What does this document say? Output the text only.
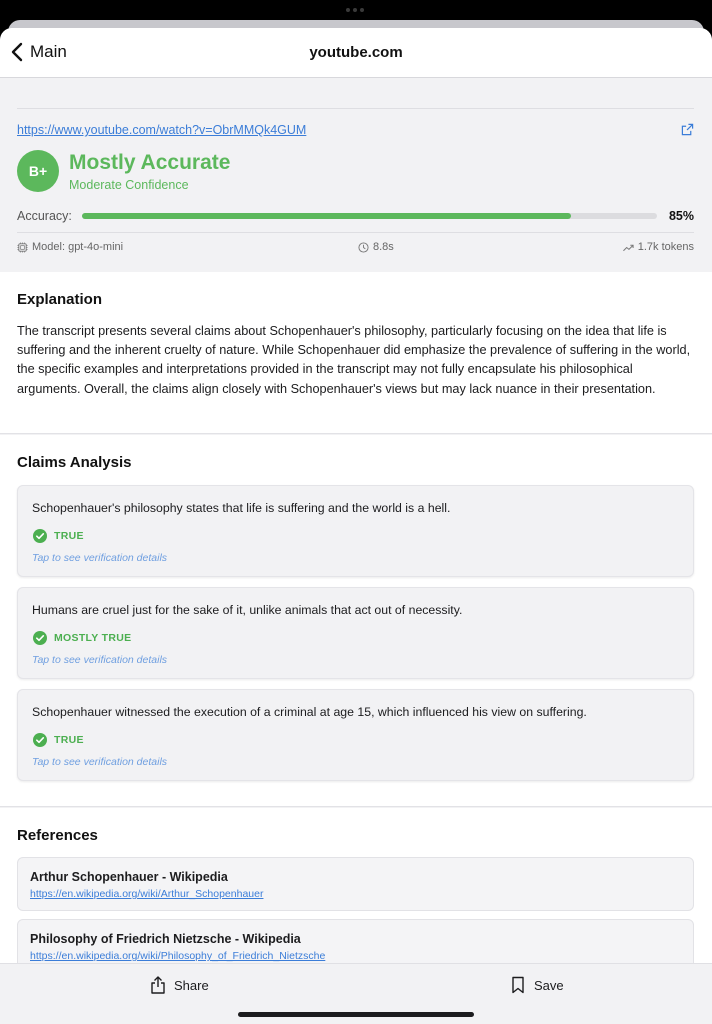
Main	youtube.com
https://www.youtube.com/watch?v=ObrMMQk4GUM
B+	Mostly Accurate
Moderate Confidence
Accuracy:	85%
Model: gpt-4o-mini	8.8s	1.7k tokens
Explanation
The transcript presents several claims about Schopenhauer's philosophy, particularly focusing on the idea that life is suffering and the inherent cruelty of nature. While Schopenhauer did emphasize the prevalence of suffering in the world, the specific examples and interpretations provided in the transcript may not fully encapsulate his philosophical arguments. Overall, the claims align closely with Schopenhauer's views but may lack nuance in their presentation.
Claims Analysis
Schopenhauer's philosophy states that life is suffering and the world is a hell.
TRUE
Tap to see verification details
Humans are cruel just for the sake of it, unlike animals that act out of necessity.
MOSTLY TRUE
Tap to see verification details
Schopenhauer witnessed the execution of a criminal at age 15, which influenced his view on suffering.
TRUE
Tap to see verification details
References
Arthur Schopenhauer - Wikipedia
https://en.wikipedia.org/wiki/Arthur_Schopenhauer
Philosophy of Friedrich Nietzsche - Wikipedia
https://en.wikipedia.org/wiki/Philosophy_of_Friedrich_Nietzsche
Share	Save
